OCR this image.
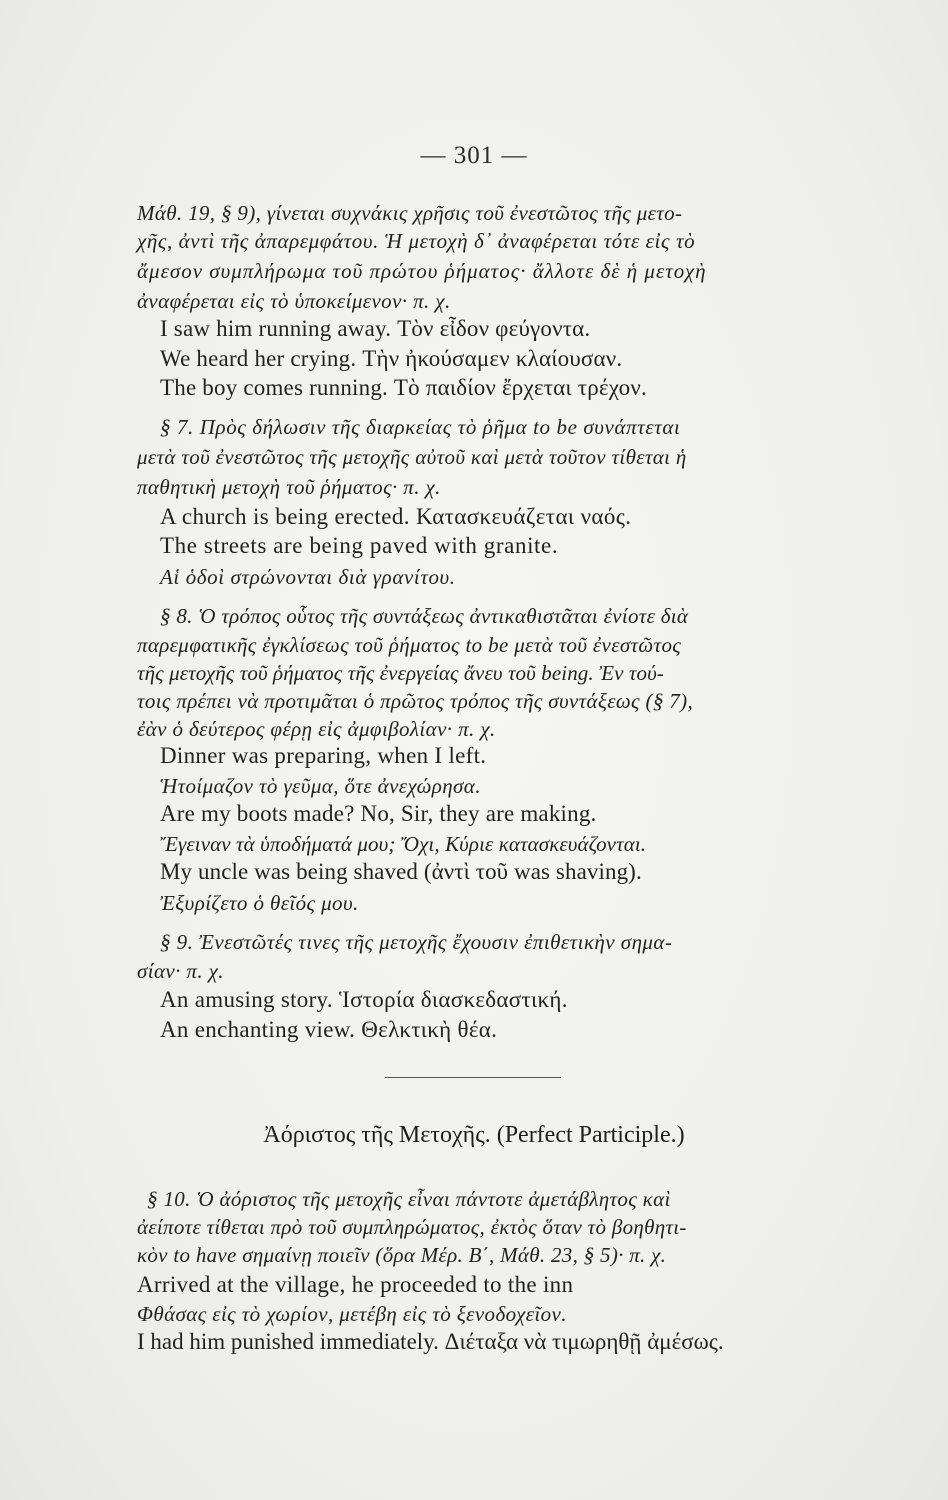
— 301 —
Μάθ. 19, § 9), γίνεται συχνάκις χρῆσις τοῦ ἐνεστῶτος τῆς μετο-
χῆς, ἀντὶ τῆς ἀπαρεμφάτου. Ἡ μετοχὴ δ᾽ ἀναφέρεται τότε εἰς τὸ
ἄμεσον συμπλήρωμα τοῦ πρώτου ῥήματος· ἄλλοτε δὲ ἡ μετοχὴ
ἀναφέρεται εἰς τὸ ὑποκείμενον· π. χ.
I saw him running away. Τὸν εἶδον φεύγοντα.
We heard her crying. Τὴν ἠκούσαμεν κλαίουσαν.
The boy comes running. Τὸ παιδίον ἔρχεται τρέχον.
§ 7. Πρὸς δήλωσιν τῆς διαρκείας τὸ ῥῆμα to be συνάπτεται
μετὰ τοῦ ἐνεστῶτος τῆς μετοχῆς αὐτοῦ καὶ μετὰ τοῦτον τίθεται ἡ
παθητικὴ μετοχὴ τοῦ ῥήματος· π. χ.
A church is being erected. Κατασκευάζεται ναός.
The streets are being paved with granite.
Αἱ ὁδοὶ στρώνονται διὰ γρανίτου.
§ 8. Ὁ τρόπος οὗτος τῆς συντάξεως ἀντικαθιστᾶται ἐνίοτε διὰ
παρεμφατικῆς ἐγκλίσεως τοῦ ῥήματος to be μετὰ τοῦ ἐνεστῶτος
τῆς μετοχῆς τοῦ ῥήματος τῆς ἐνεργείας ἄνευ τοῦ being. Ἐν τού-
τοις πρέπει νὰ προτιμᾶται ὁ πρῶτος τρόπος τῆς συντάξεως (§ 7),
ἐὰν ὁ δεύτερος φέρῃ εἰς ἀμφιβολίαν· π. χ.
Dinner was preparing, when I left.
Ἡτοίμαζον τὸ γεῦμα, ὅτε ἀνεχώρησα.
Are my boots made? No, Sir, they are making.
Ἔγειναν τὰ ὑποδήματά μου; Ὄχι, Κύριε κατασκευάζονται.
My uncle was being shaved (ἀντὶ τοῦ was shaving).
Ἐξυρίζετο ὁ θεῖός μου.
§ 9. Ἐνεστῶτές τινες τῆς μετοχῆς ἔχουσιν ἐπιθετικὴν σημα-
σίαν· π. χ.
An amusing story. Ἱστορία διασκεδαστική.
An enchanting view. Θελκτικὴ θέα.
Ἀόριστος τῆς Μετοχῆς. (Perfect Participle.)
§ 10. Ὁ ἀόριστος τῆς μετοχῆς εἶναι πάντοτε ἀμετάβλητος καὶ
ἀείποτε τίθεται πρὸ τοῦ συμπληρώματος, ἐκτὸς ὅταν τὸ βοηθητι-
κὸν to have σημαίνῃ ποιεῖν (ὅρα Μέρ. Β΄, Μάθ. 23, § 5)· π. χ.
Arrived at the village, he proceeded to the inn
Φθάσας εἰς τὸ χωρίον, μετέβη εἰς τὸ ξενοδοχεῖον.
I had him punished immediately. Διέταξα νὰ τιμωρηθῇ ἀμέσως.
